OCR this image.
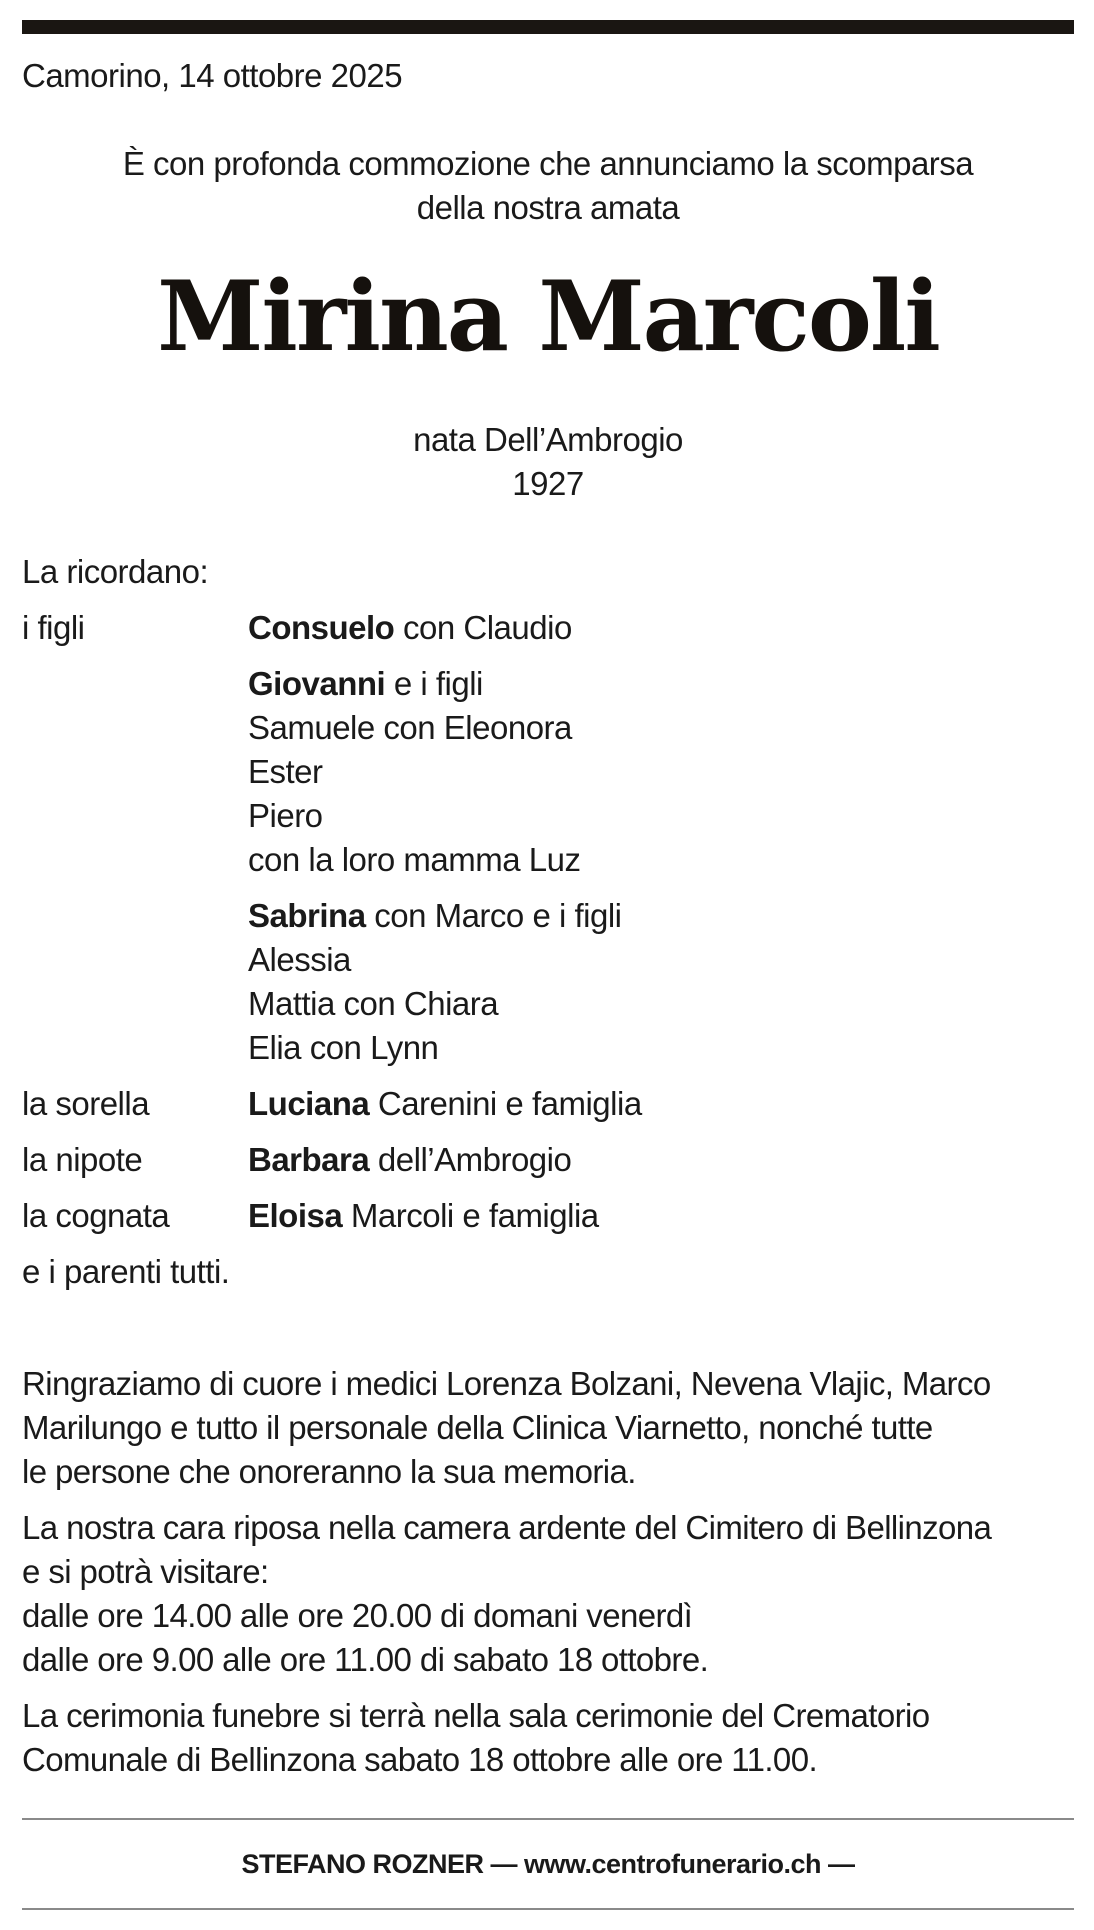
Camorino, 14 ottobre 2025
È con profonda commozione che annunciamo la scomparsa
della nostra amata
Mirina Marcoli
nata Dell’Ambrogio
1927
La ricordano:
i figli	Consuelo con Claudio
Giovanni e i figli
Samuele con Eleonora
Ester
Piero
con la loro mamma Luz
Sabrina con Marco e i figli
Alessia
Mattia con Chiara
Elia con Lynn
la sorella	Luciana Carenini e famiglia
la nipote	Barbara dell’Ambrogio
la cognata Eloisa Marcoli e famiglia
e i parenti tutti.
Ringraziamo di cuore i medici Lorenza Bolzani, Nevena Vlajic, Marco
Marilungo e tutto il personale della Clinica Viarnetto, nonché tutte
le persone che onoreranno la sua memoria.
La nostra cara riposa nella camera ardente del Cimitero di Bellinzona
e si potrà visitare:
dalle ore 14.00 alle ore 20.00 di domani venerdì
dalle ore 9.00 alle ore 11.00 di sabato 18 ottobre.
La cerimonia funebre si terrà nella sala cerimonie del Crematorio
Comunale di Bellinzona sabato 18 ottobre alle ore 11.00.
STEFANO ROZNER — www.centrofunerario.ch —
